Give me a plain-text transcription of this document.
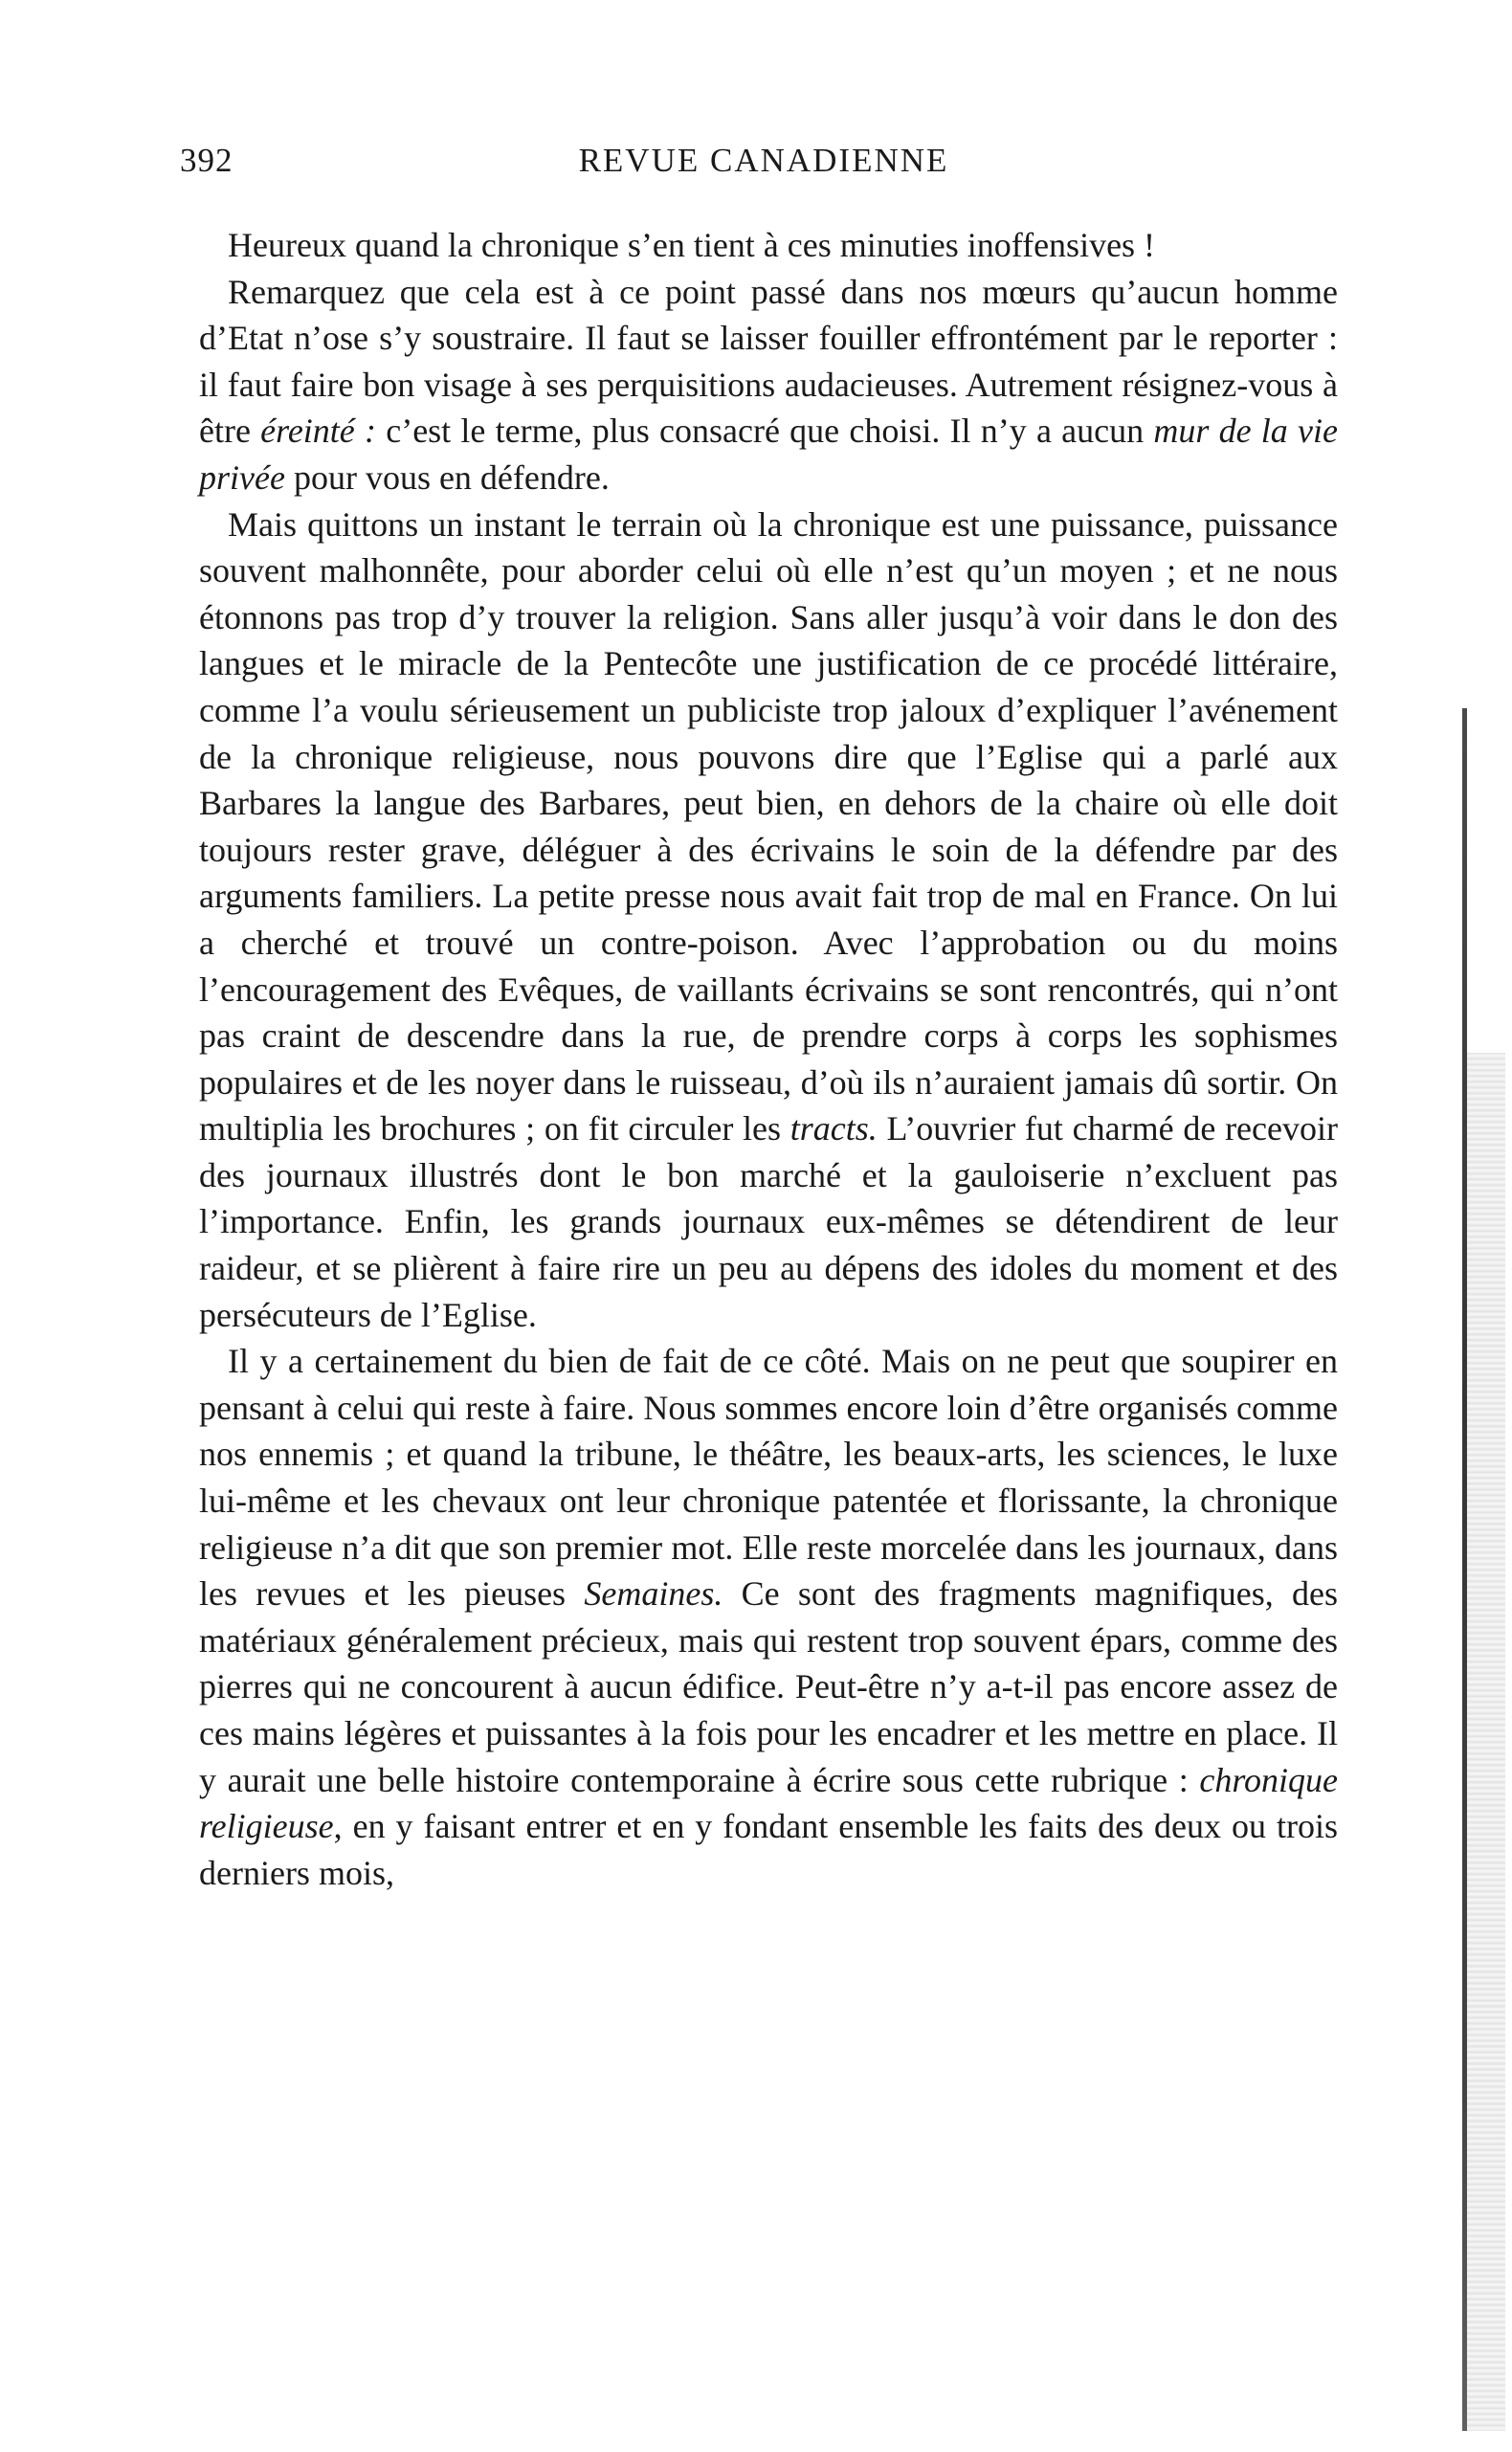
392	REVUE CANADIENNE

Heureux quand la chronique s’en tient à ces minuties inoffensives !

Remarquez que cela est à ce point passé dans nos mœurs qu’aucun homme d’Etat n’ose s’y soustraire. Il faut se laisser fouiller effrontément par le reporter : il faut faire bon visage à ses perquisitions audacieuses. Autrement résignez-vous à être éreinté : c’est le terme, plus consacré que choisi. Il n’y a aucun mur de la vie privée pour vous en défendre.

Mais quittons un instant le terrain où la chronique est une puissance, puissance souvent malhonnête, pour aborder celui où elle n’est qu’un moyen ; et ne nous étonnons pas trop d’y trouver la religion. Sans aller jusqu’à voir dans le don des langues et le miracle de la Pentecôte une justification de ce procédé littéraire, comme l’a voulu sérieusement un publiciste trop jaloux d’expliquer l’avénement de la chronique religieuse, nous pouvons dire que l’Eglise qui a parlé aux Barbares la langue des Barbares, peut bien, en dehors de la chaire où elle doit toujours rester grave, déléguer à des écrivains le soin de la défendre par des arguments familiers. La petite presse nous avait fait trop de mal en France. On lui a cherché et trouvé un contre-poison. Avec l’approbation ou du moins l’encouragement des Evêques, de vaillants écrivains se sont rencontrés, qui n’ont pas craint de descendre dans la rue, de prendre corps à corps les sophismes populaires et de les noyer dans le ruisseau, d’où ils n’auraient jamais dû sortir. On multiplia les brochures ; on fit circuler les tracts. L’ouvrier fut charmé de recevoir des journaux illustrés dont le bon marché et la gauloiserie n’excluent pas l’importance. Enfin, les grands journaux eux-mêmes se détendirent de leur raideur, et se plièrent à faire rire un peu au dépens des idoles du moment et des persécuteurs de l’Eglise.

Il y a certainement du bien de fait de ce côté. Mais on ne peut que soupirer en pensant à celui qui reste à faire. Nous sommes encore loin d’être organisés comme nos ennemis ; et quand la tribune, le théâtre, les beaux-arts, les sciences, le luxe lui-même et les chevaux ont leur chronique patentée et florissante, la chronique religieuse n’a dit que son premier mot. Elle reste morcelée dans les journaux, dans les revues et les pieuses Semaines. Ce sont des fragments magnifiques, des matériaux généralement précieux, mais qui restent trop souvent épars, comme des pierres qui ne concourent à aucun édifice. Peut-être n’y a-t-il pas encore assez de ces mains légères et puissantes à la fois pour les encadrer et les mettre en place. Il y aurait une belle histoire contemporaine à écrire sous cette rubrique : chronique religieuse, en y faisant entrer et en y fondant ensemble les faits des deux ou trois derniers mois,
